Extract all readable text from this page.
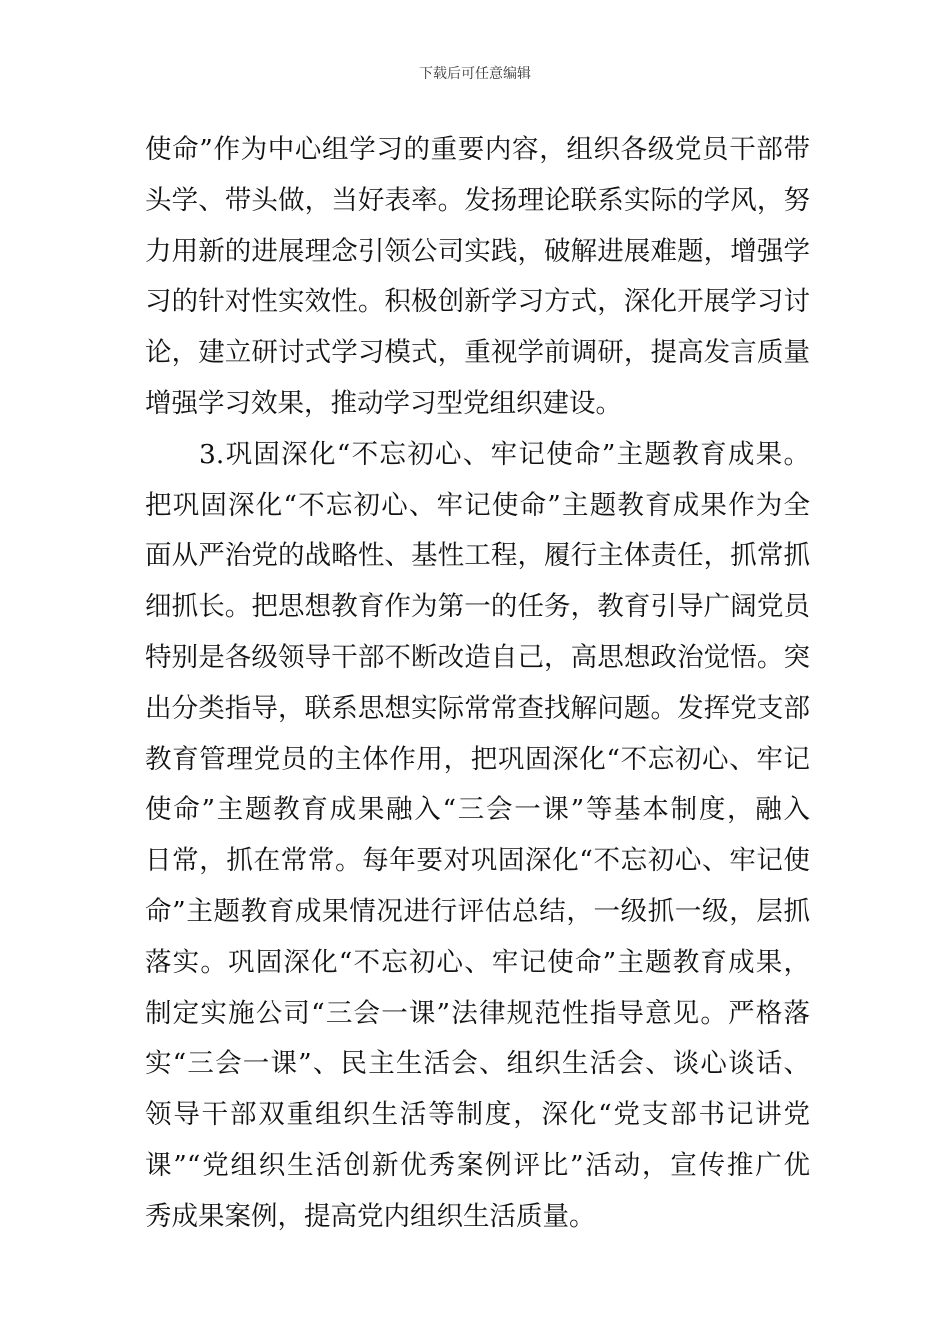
下载后可任意编辑
使命”作为中心组学习的重要内容，组织各级党员干部带
头学、带头做，当好表率。发扬理论联系实际的学风，努
力用新的进展理念引领公司实践，破解进展难题，增强学
习的针对性实效性。积极创新学习方式，深化开展学习讨
论，建立研讨式学习模式，重视学前调研，提高发言质量
增强学习效果，推动学习型党组织建设。
3.巩固深化“不忘初心、牢记使命”主题教育成果。
把巩固深化“不忘初心、牢记使命”主题教育成果作为全
面从严治党的战略性、基性工程，履行主体责任，抓常抓
细抓长。把思想教育作为第一的任务，教育引导广阔党员
特别是各级领导干部不断改造自己，高思想政治觉悟。突
出分类指导，联系思想实际常常查找解问题。发挥党支部
教育管理党员的主体作用，把巩固深化“不忘初心、牢记
使命”主题教育成果融入“三会一课”等基本制度，融入
日常，抓在常常。每年要对巩固深化“不忘初心、牢记使
命”主题教育成果情况进行评估总结，一级抓一级，层抓
落实。巩固深化“不忘初心、牢记使命”主题教育成果，
制定实施公司“三会一课”法律规范性指导意见。严格落
实“三会一课”、民主生活会、组织生活会、谈心谈话、
领导干部双重组织生活等制度，深化“党支部书记讲党
课”“党组织生活创新优秀案例评比”活动，宣传推广优
秀成果案例，提高党内组织生活质量。
